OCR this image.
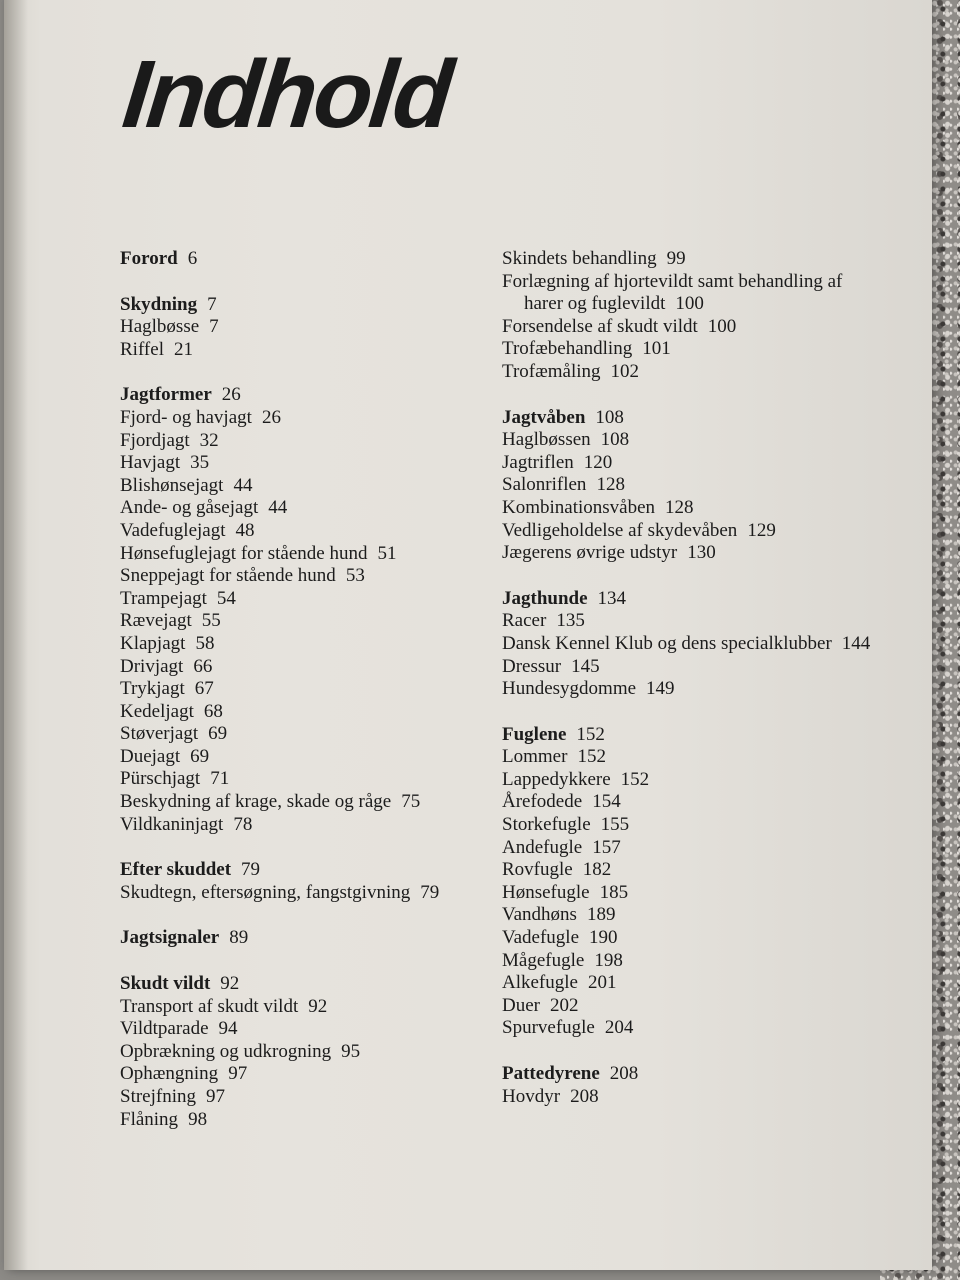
Indhold
Forord 6
Skydning 7
Haglbøsse 7
Riffel 21
Jagtformer 26
Fjord- og havjagt 26
Fjordjagt 32
Havjagt 35
Blishønsejagt 44
Ande- og gåsejagt 44
Vadefuglejagt 48
Hønsefuglejagt for stående hund 51
Sneppejagt for stående hund 53
Trampejagt 54
Rævejagt 55
Klapjagt 58
Drivjagt 66
Trykjagt 67
Kedeljagt 68
Støverjagt 69
Duejagt 69
Pürschjagt 71
Beskydning af krage, skade og råge 75
Vildkaninjagt 78
Efter skuddet 79
Skudtegn, eftersøgning, fangstgivning 79
Jagtsignaler 89
Skudt vildt 92
Transport af skudt vildt 92
Vildtparade 94
Opbrækning og udkrogning 95
Ophængning 97
Strejfning 97
Flåning 98
Skindets behandling 99
Forlægning af hjortevildt samt behandling af harer og fuglevildt 100
Forsendelse af skudt vildt 100
Trofæbehandling 101
Trofæmåling 102
Jagtvåben 108
Haglbøssen 108
Jagtriflen 120
Salonriflen 128
Kombinationsvåben 128
Vedligeholdelse af skydevåben 129
Jægerens øvrige udstyr 130
Jagthunde 134
Racer 135
Dansk Kennel Klub og dens specialklubber 144
Dressur 145
Hundesygdomme 149
Fuglene 152
Lommer 152
Lappedykkere 152
Årefodede 154
Storkefugle 155
Andefugle 157
Rovfugle 182
Hønsefugle 185
Vandhøns 189
Vadefugle 190
Mågefugle 198
Alkefugle 201
Duer 202
Spurvefugle 204
Pattedyrene 208
Hovdyr 208
